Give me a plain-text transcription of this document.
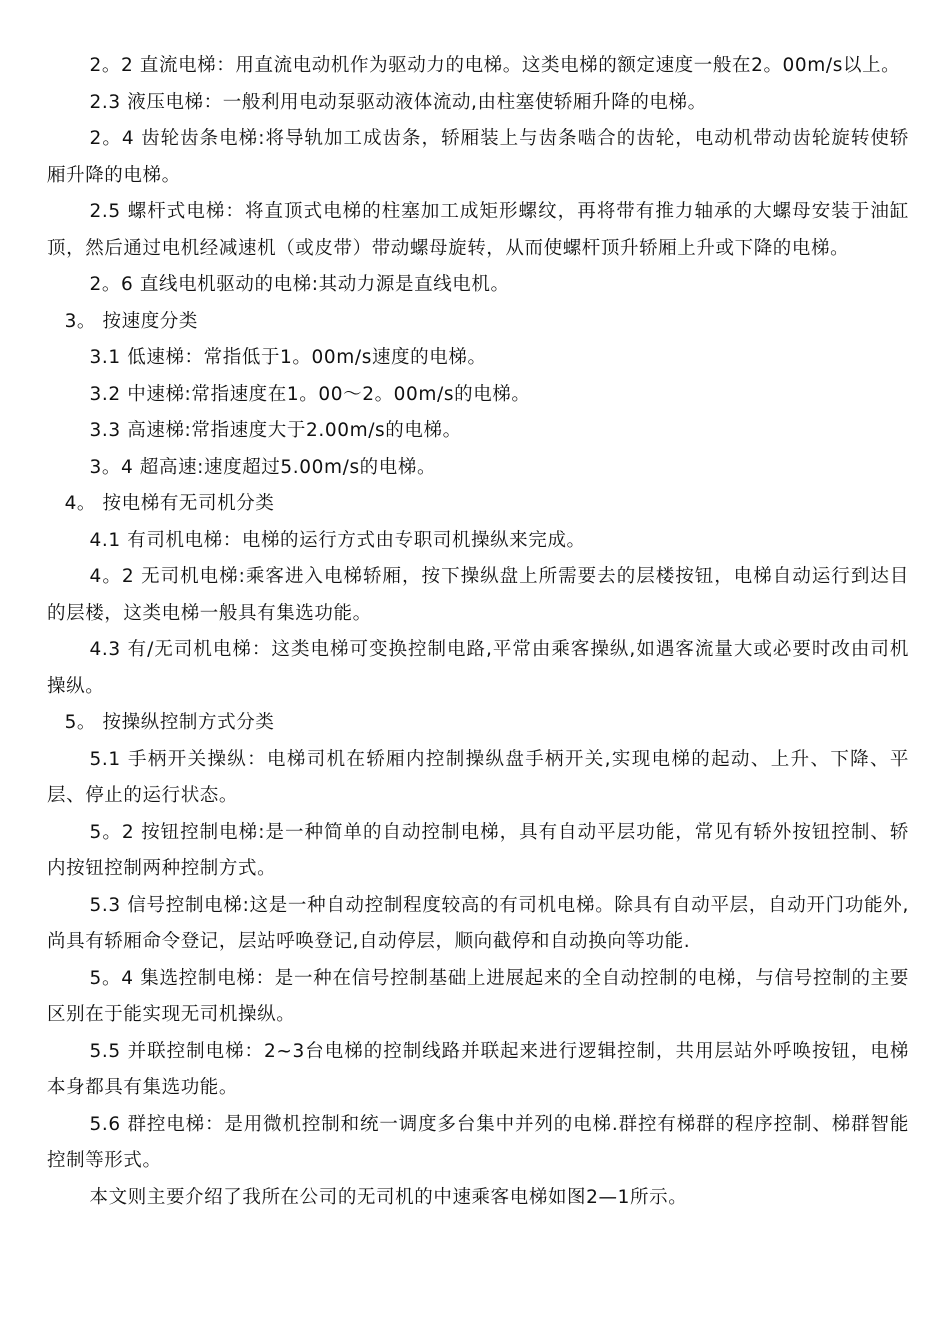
2。2 直流电梯：用直流电动机作为驱动力的电梯。这类电梯的额定速度一般在2。00m/s以上。

2.3 液压电梯：一般利用电动泵驱动液体流动,由柱塞使轿厢升降的电梯。

2。4 齿轮齿条电梯:将导轨加工成齿条，轿厢装上与齿条啮合的齿轮，电动机带动齿轮旋转使轿厢升降的电梯。

2.5 螺杆式电梯：将直顶式电梯的柱塞加工成矩形螺纹，再将带有推力轴承的大螺母安装于油缸顶，然后通过电机经减速机（或皮带）带动螺母旋转，从而使螺杆顶升轿厢上升或下降的电梯。

2。6 直线电机驱动的电梯:其动力源是直线电机。

3。 按速度分类

3.1 低速梯：常指低于1。00m/s速度的电梯。

3.2 中速梯:常指速度在1。00～2。00m/s的电梯。

3.3 高速梯:常指速度大于2.00m/s的电梯。

3。4 超高速:速度超过5.00m/s的电梯。

4。 按电梯有无司机分类

4.1 有司机电梯：电梯的运行方式由专职司机操纵来完成。

4。2 无司机电梯:乘客进入电梯轿厢，按下操纵盘上所需要去的层楼按钮，电梯自动运行到达目的层楼，这类电梯一般具有集选功能。

4.3 有/无司机电梯：这类电梯可变换控制电路,平常由乘客操纵,如遇客流量大或必要时改由司机操纵。

5。 按操纵控制方式分类

5.1 手柄开关操纵：电梯司机在轿厢内控制操纵盘手柄开关,实现电梯的起动、上升、下降、平层、停止的运行状态。

5。2 按钮控制电梯:是一种简单的自动控制电梯，具有自动平层功能，常见有轿外按钮控制、轿内按钮控制两种控制方式。

5.3 信号控制电梯:这是一种自动控制程度较高的有司机电梯。除具有自动平层，自动开门功能外,尚具有轿厢命令登记，层站呼唤登记,自动停层，顺向截停和自动换向等功能.

5。4 集选控制电梯：是一种在信号控制基础上进展起来的全自动控制的电梯，与信号控制的主要区别在于能实现无司机操纵。

5.5 并联控制电梯：2~3台电梯的控制线路并联起来进行逻辑控制，共用层站外呼唤按钮，电梯本身都具有集选功能。

5.6 群控电梯：是用微机控制和统一调度多台集中并列的电梯.群控有梯群的程序控制、梯群智能控制等形式。

本文则主要介绍了我所在公司的无司机的中速乘客电梯如图2—1所示。
